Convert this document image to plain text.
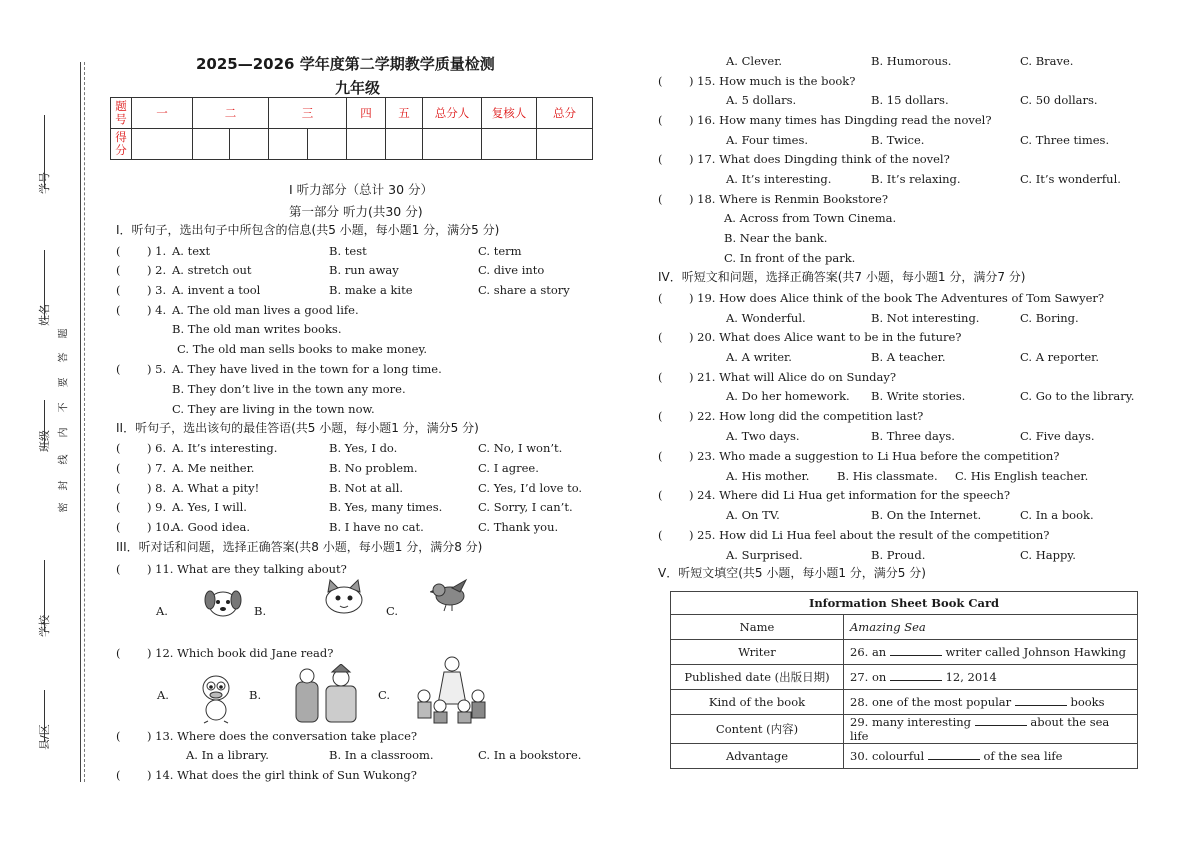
县/区
学校
班级
姓名
学号
密
封
线
内
不
要
答
题
2025—2026 学年度第二学期教学质量检测
九年级
题号	一	二		三		四	五	总分人	复核人	总分
得分										
I 听力部分（总计 30 分）
第一部分 听力(共30 分)
I．听句子，选出句子中所包含的信息(共5 小题，每小题1 分，满分5 分)
( ) 1. A. text	B. test	C. term
( ) 2. A. stretch out	B. run away	C. dive into
( ) 3. A. invent a tool	B. make a kite	C. share a story
( ) 4. A. The old man lives a good life.
B. The old man writes books.
C. The old man sells books to make money.
( ) 5. A. They have lived in the town for a long time.
B. They don’t live in the town any more.
C. They are living in the town now.
II．听句子，选出该句的最佳答语(共5 小题，每小题1 分，满分5 分)
( ) 6. A. It’s interesting.	B. Yes, I do.	C. No, I won’t.
( ) 7. A. Me neither.	B. No problem.	C. I agree.
( ) 8. A. What a pity!	B. Not at all.	C. Yes, I’d love to.
( ) 9. A. Yes, I will.	B. Yes, many times.	C. Sorry, I can’t.
( ) 10.
A. Good idea.	B. I have no cat.	C. Thank you.
III．听对话和问题，选择正确答案(共8 小题，每小题1 分，满分8 分)
( ) 11. What are they talking about?
A.	B.	C.
( ) 12. Which book did Jane read?
A.	B.	C.
( ) 13. Where does the conversation take place?
A. In a library.	B. In a classroom.	C. In a bookstore.
( ) 14. What does the girl think of Sun Wukong?
A. Clever.	B. Humorous.	C. Brave.
( ) 15. How much is the book?
A. 5 dollars.	B. 15 dollars.	C. 50 dollars.
( ) 16. How many times has Dingding read the novel?
A. Four times.	B. Twice.	C. Three times.
( ) 17. What does Dingding think of the novel?
A. It’s interesting.	B. It’s relaxing.	C. It’s wonderful.
( ) 18. Where is Renmin Bookstore?
A. Across from Town Cinema.
B. Near the bank.
C. In front of the park.
IV．听短文和问题，选择正确答案(共7 小题，每小题1 分，满分7 分)
( ) 19. How does Alice think of the book The Adventures of Tom Sawyer?
A. Wonderful.	B. Not interesting.	C. Boring.
( ) 20. What does Alice want to be in the future?
A. A writer.	B. A teacher.	C. A reporter.
( ) 21. What will Alice do on Sunday?
A. Do her homework. B. Write stories.	C. Go to the library.
( ) 22. How long did the competition last?
A. Two days.	B. Three days.	C. Five days.
( ) 23. Who made a suggestion to Li Hua before the competition?
A. His mother. B. His classmate. C. His English teacher.
( ) 24. Where did Li Hua get information for the speech?
A. On TV.	B. On the Internet.	C. In a book.
( ) 25. How did Li Hua feel about the result of the competition?
A. Surprised.	B. Proud.	C. Happy.
V．听短文填空(共5 小题，每小题1 分，满分5 分)
Information Sheet Book Card	
Name	Amazing Sea
Writer	26. an writer called Johnson Hawking
Published date (出版日期)	27. on 12, 2014
Kind of the book	28. one of the most popular books
Content (内容)	29. many interesting about the sea life
Advantage	30. colourful of the sea life
